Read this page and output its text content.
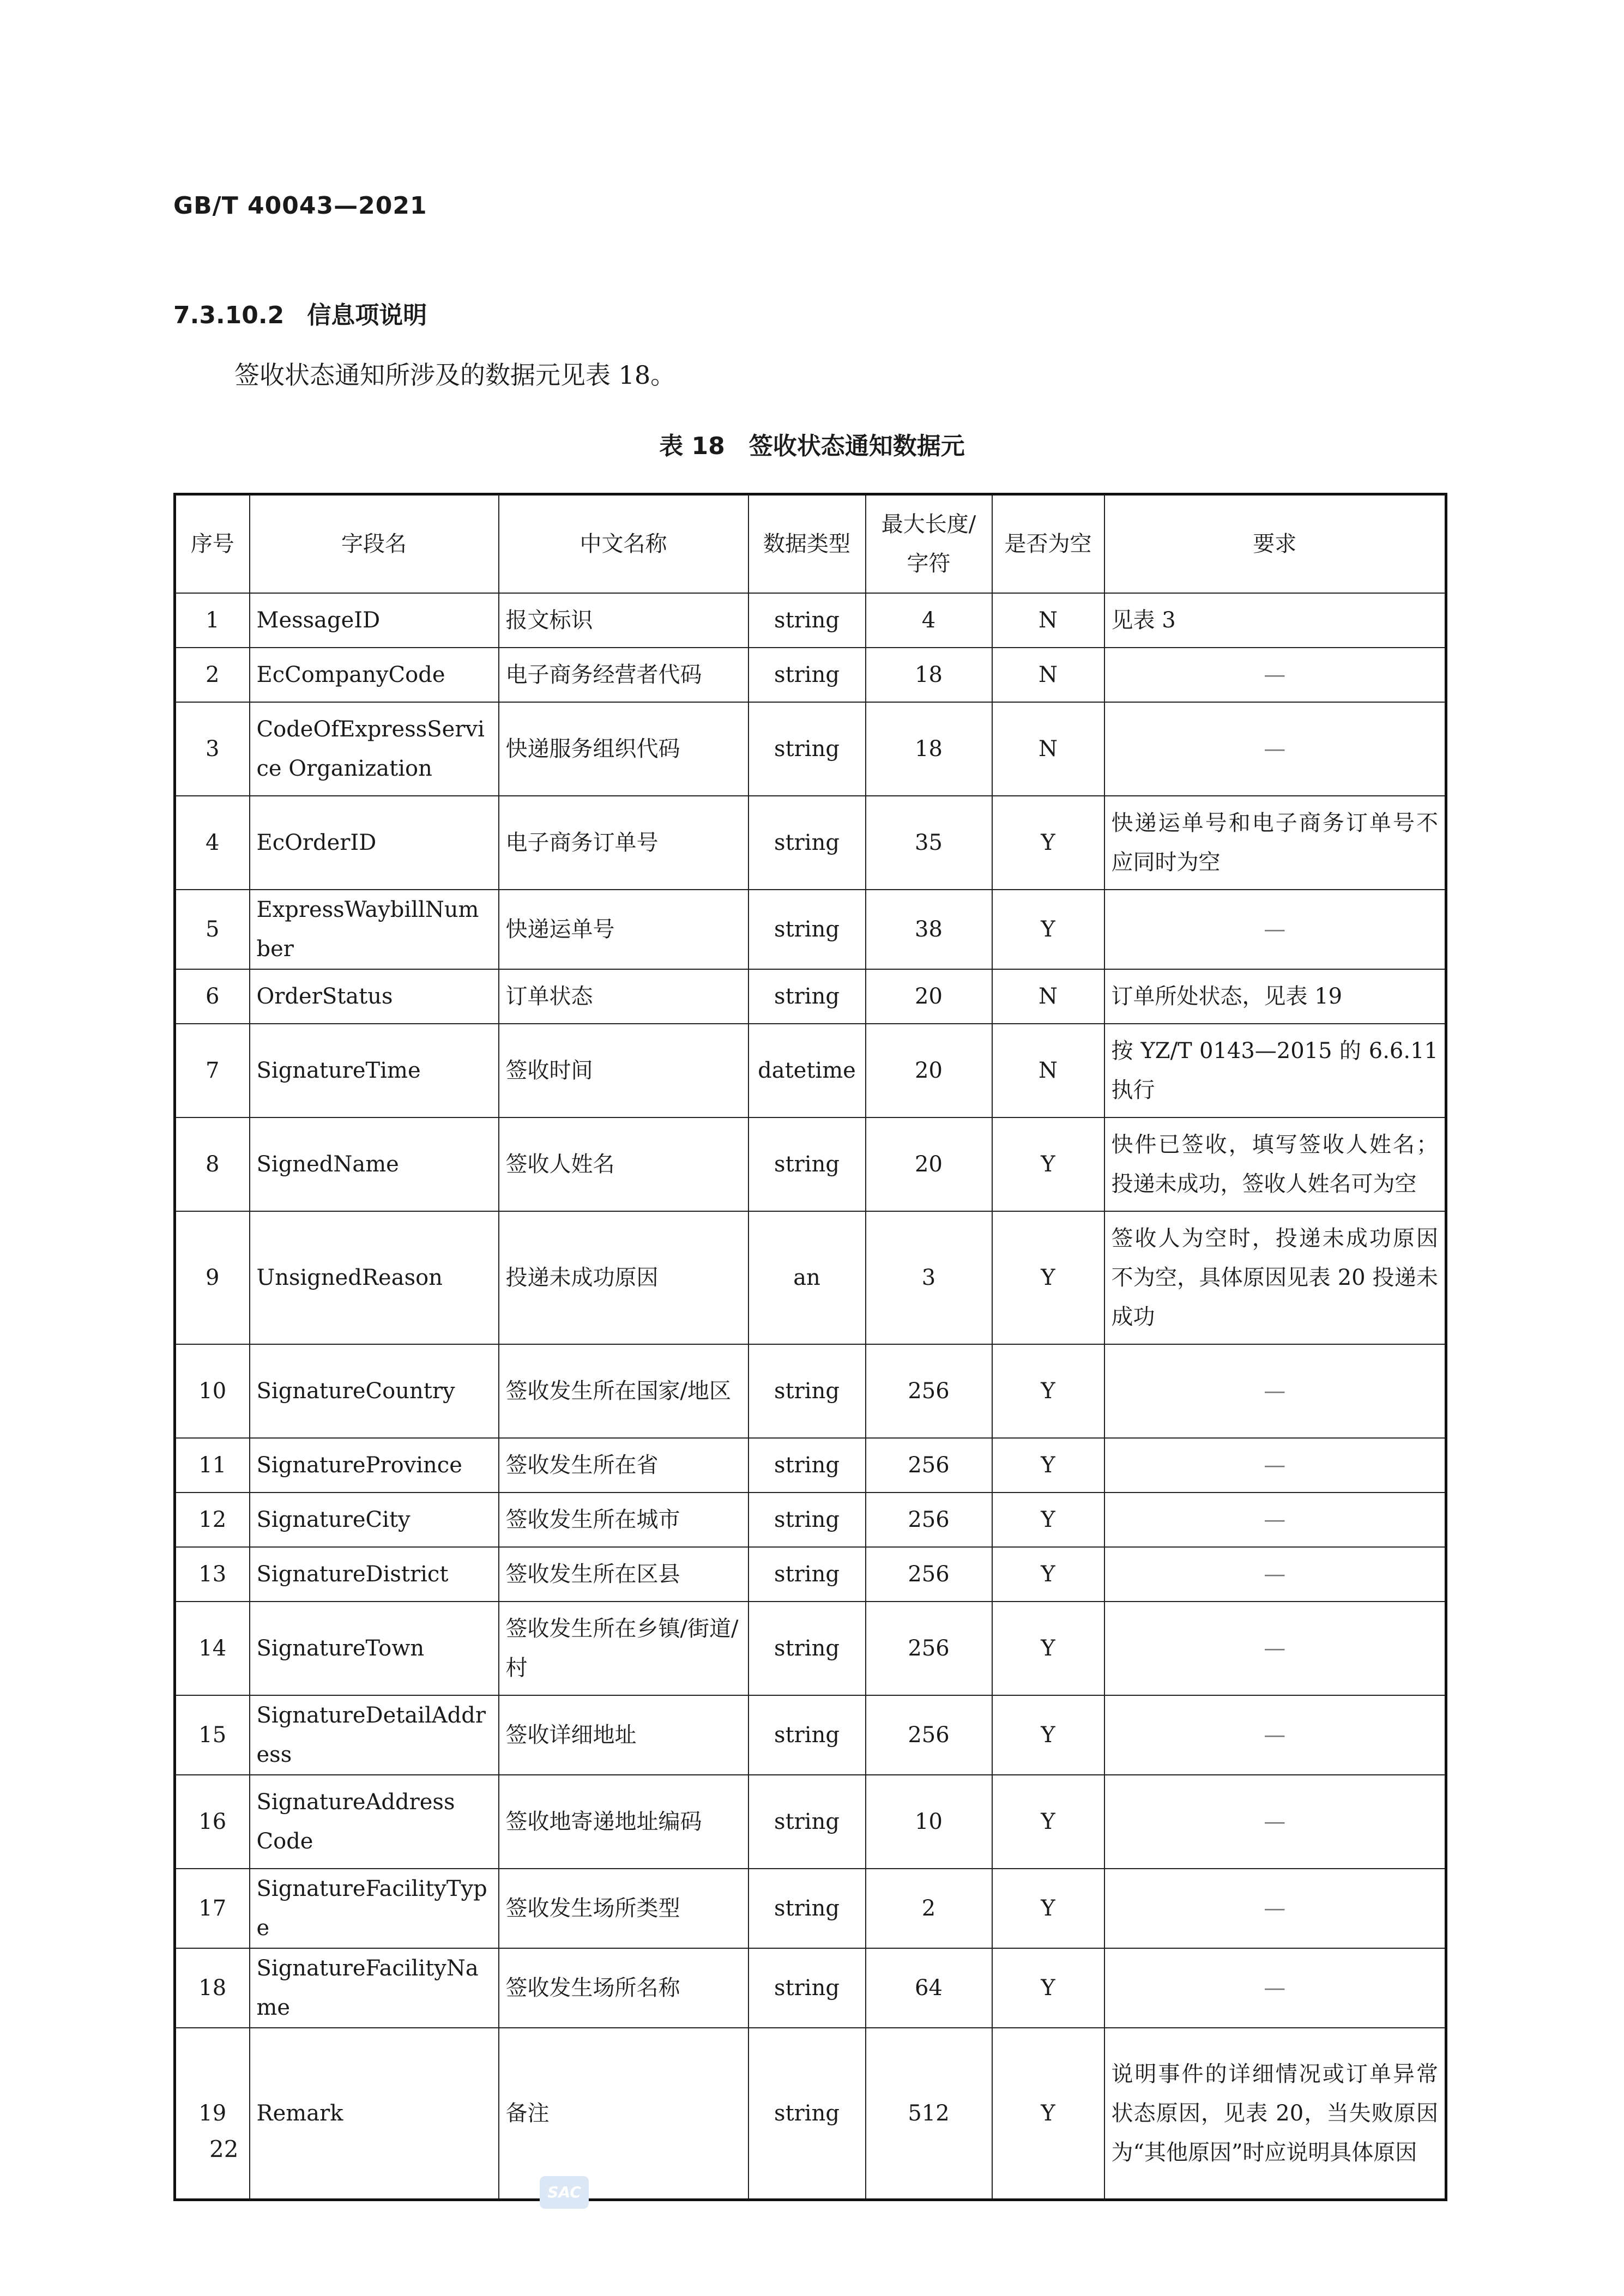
GB/T 40043—2021
7.3.10.2 信息项说明
签收状态通知所涉及的数据元见表 18。
表 18 签收状态通知数据元
序号	字段名	中文名称	数据类型	最大长度/字符	是否为空	要求
1	MessageID	报文标识	string	4	N	见表 3
2	EcCompanyCode	电子商务经营者代码	string	18	N	—
3	CodeOfExpressService Organization	快递服务组织代码	string	18	N	—
4	EcOrderID	电子商务订单号	string	35	Y	快递运单号和电子商务订单号不应同时为空
5	ExpressWaybillNumber	快递运单号	string	38	Y	—
6	OrderStatus	订单状态	string	20	N	订单所处状态，见表 19
7	SignatureTime	签收时间	datetime	20	N	按 YZ/T 0143—2015 的 6.6.11 执行
8	SignedName	签收人姓名	string	20	Y	快件已签收，填写签收人姓名；投递未成功，签收人姓名可为空
9	UnsignedReason	投递未成功原因	an	3	Y	签收人为空时，投递未成功原因不为空，具体原因见表 20 投递未成功
10	SignatureCountry	签收发生所在国家/地区	string	256	Y	—
11	SignatureProvince	签收发生所在省	string	256	Y	—
12	SignatureCity	签收发生所在城市	string	256	Y	—
13	SignatureDistrict	签收发生所在区县	string	256	Y	—
14	SignatureTown	签收发生所在乡镇/街道/村	string	256	Y	—
15	SignatureDetailAddress	签收详细地址	string	256	Y	—
16	SignatureAddress Code	签收地寄递地址编码	string	10	Y	—
17	SignatureFacilityType	签收发生场所类型	string	2	Y	—
18	SignatureFacilityName	签收发生场所名称	string	64	Y	—
19	Remark	备注	string	512	Y	说明事件的详细情况或订单异常状态原因，见表 20，当失败原因为“其他原因”时应说明具体原因
22
SAC
